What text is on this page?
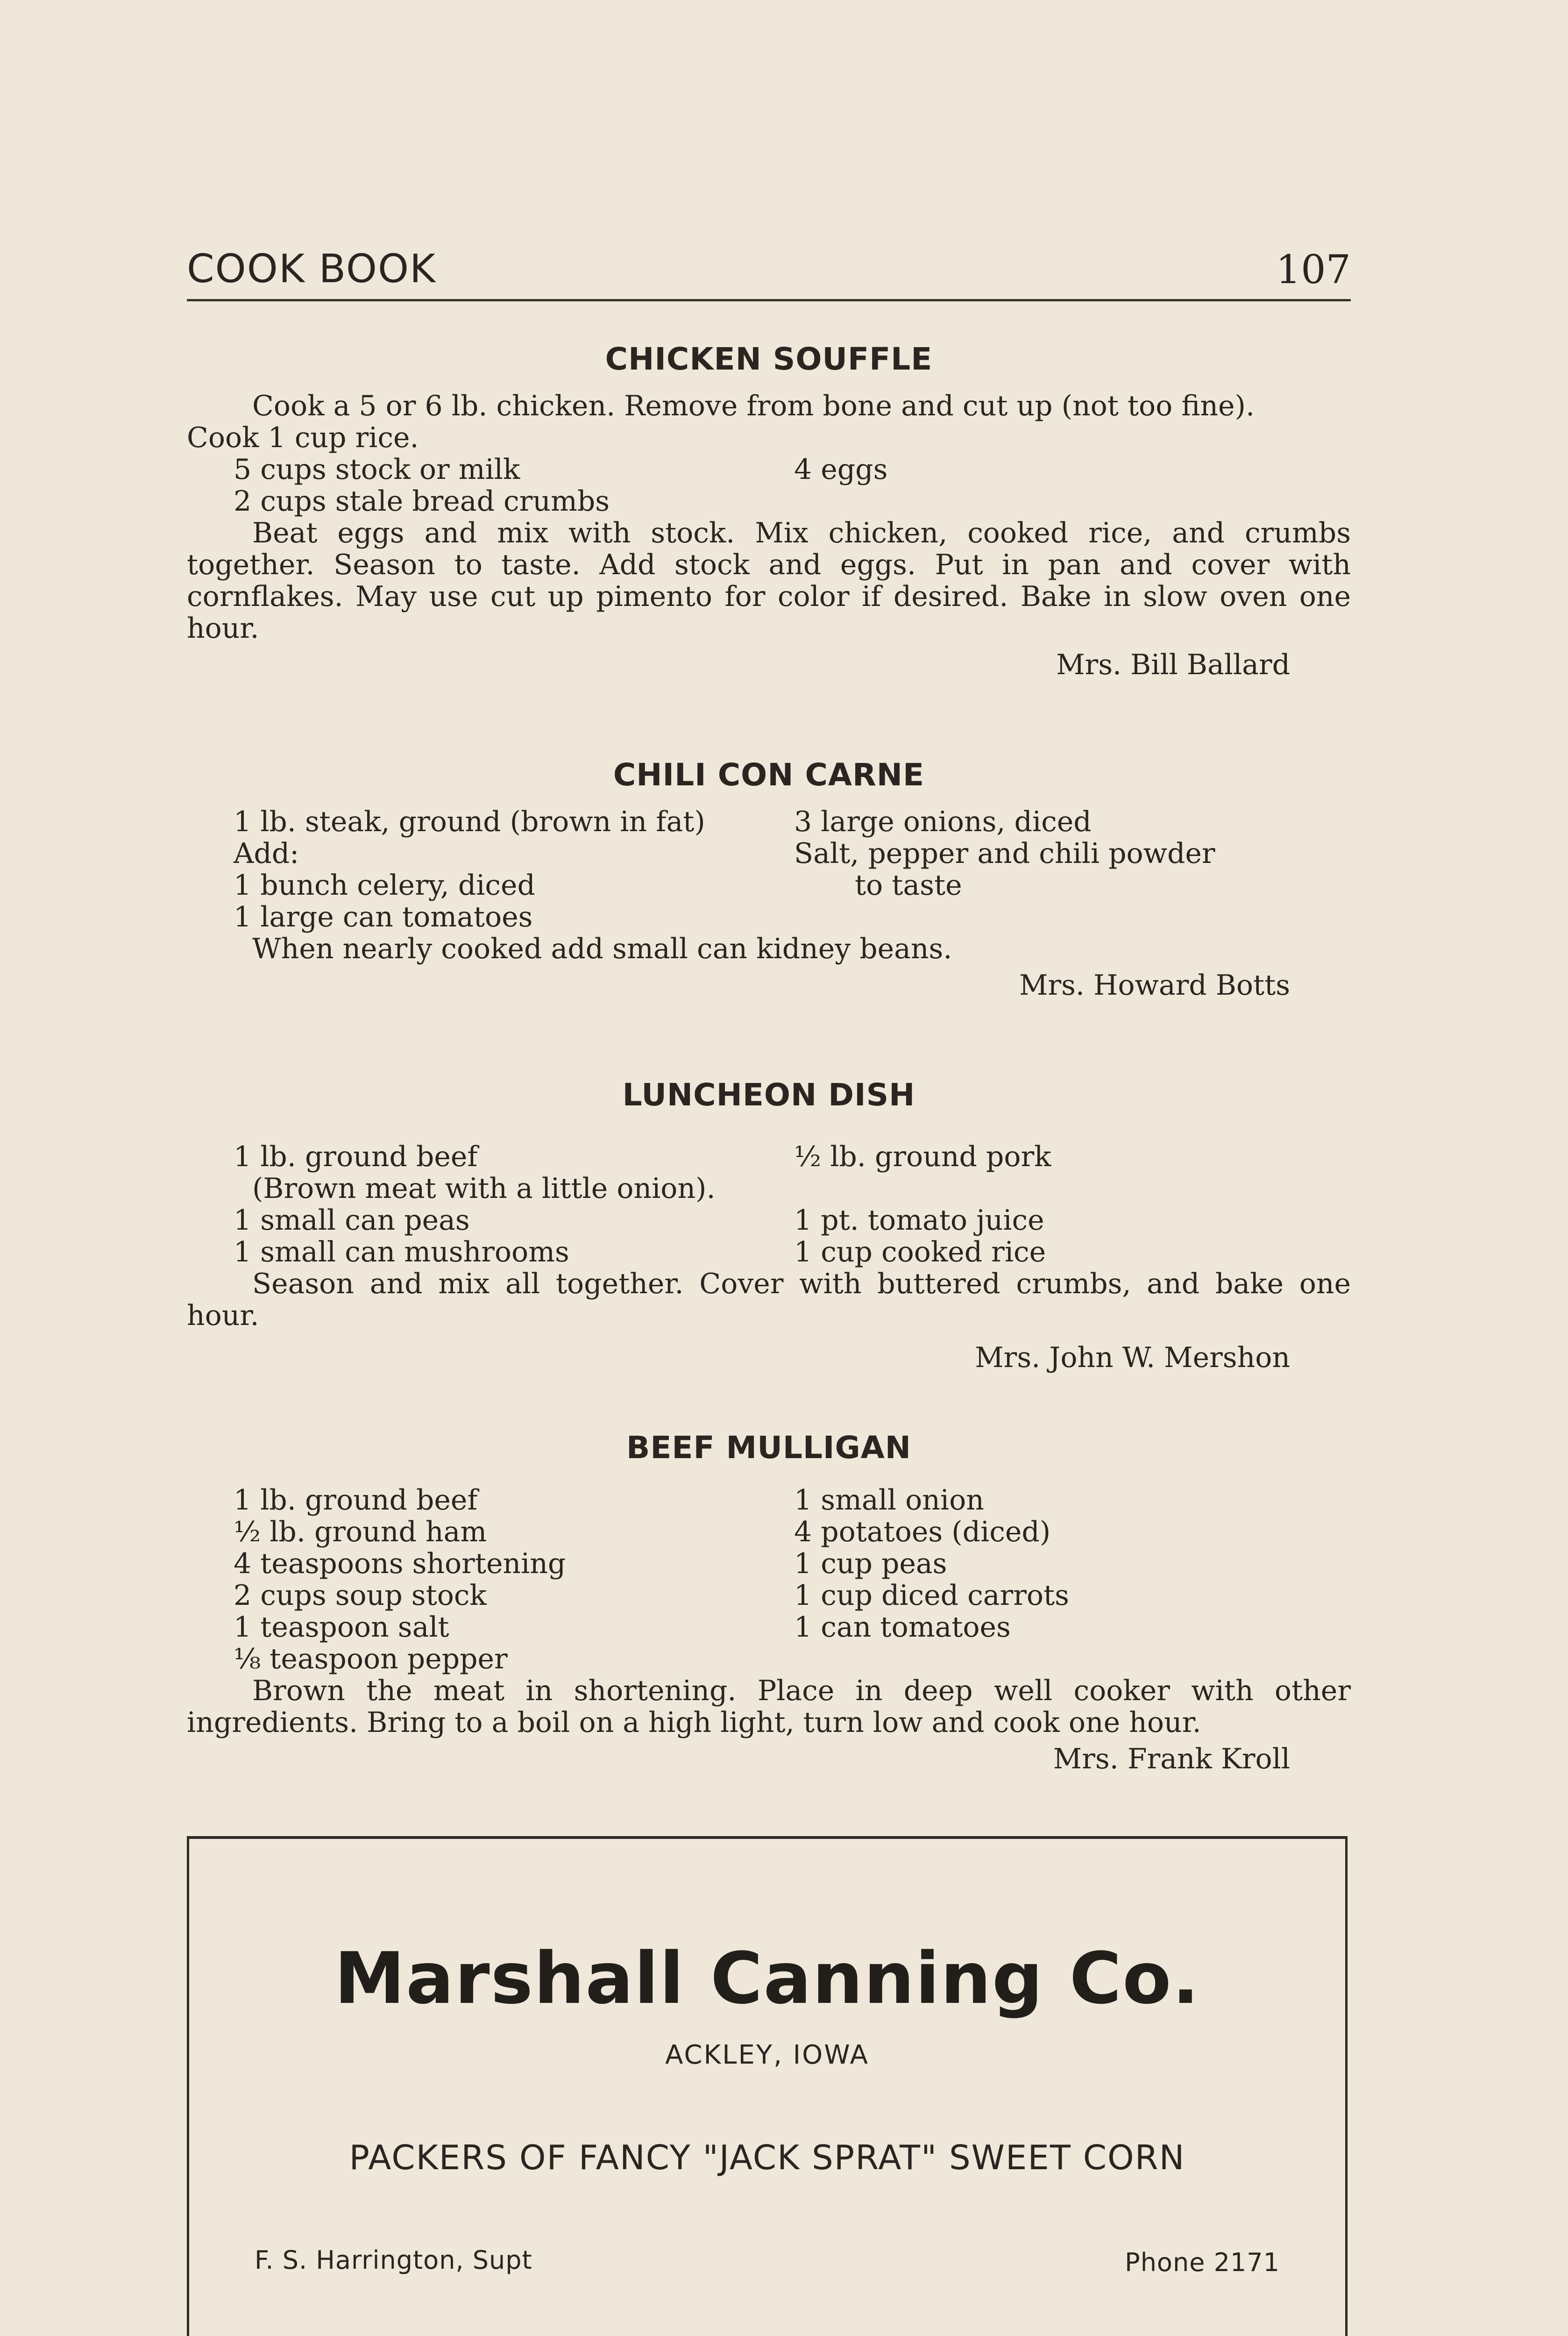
COOK BOOK	107
CHICKEN SOUFFLE
Cook a 5 or 6 lb. chicken. Remove from bone and cut up (not too fine).
Cook 1 cup rice.
5 cups stock or milk	4 eggs
2 cups stale bread crumbs
Beat eggs and mix with stock. Mix chicken, cooked rice, and crumbs together. Season to taste. Add stock and eggs. Put in pan and cover with cornflakes. May use cut up pimento for color if desired. Bake in slow oven one hour.
Mrs. Bill Ballard
CHILI CON CARNE
1 lb. steak, ground (brown in fat)	3 large onions, diced
Add:	Salt, pepper and chili powder
1 bunch celery, diced	to taste
1 large can tomatoes
When nearly cooked add small can kidney beans.
Mrs. Howard Botts
LUNCHEON DISH
1 lb. ground beef	½ lb. ground pork
(Brown meat with a little onion).
1 small can peas	1 pt. tomato juice
1 small can mushrooms	1 cup cooked rice
Season and mix all together. Cover with buttered crumbs, and bake one hour.
Mrs. John W. Mershon
BEEF MULLIGAN
1 lb. ground beef	1 small onion
½ lb. ground ham	4 potatoes (diced)
4 teaspoons shortening	1 cup peas
2 cups soup stock	1 cup diced carrots
1 teaspoon salt	1 can tomatoes
⅛ teaspoon pepper
Brown the meat in shortening. Place in deep well cooker with other ingredients. Bring to a boil on a high light, turn low and cook one hour.
Mrs. Frank Kroll
Marshall Canning Co.
ACKLEY, IOWA
PACKERS OF FANCY "JACK SPRAT" SWEET CORN
F. S. Harrington, Supt	Phone 2171
